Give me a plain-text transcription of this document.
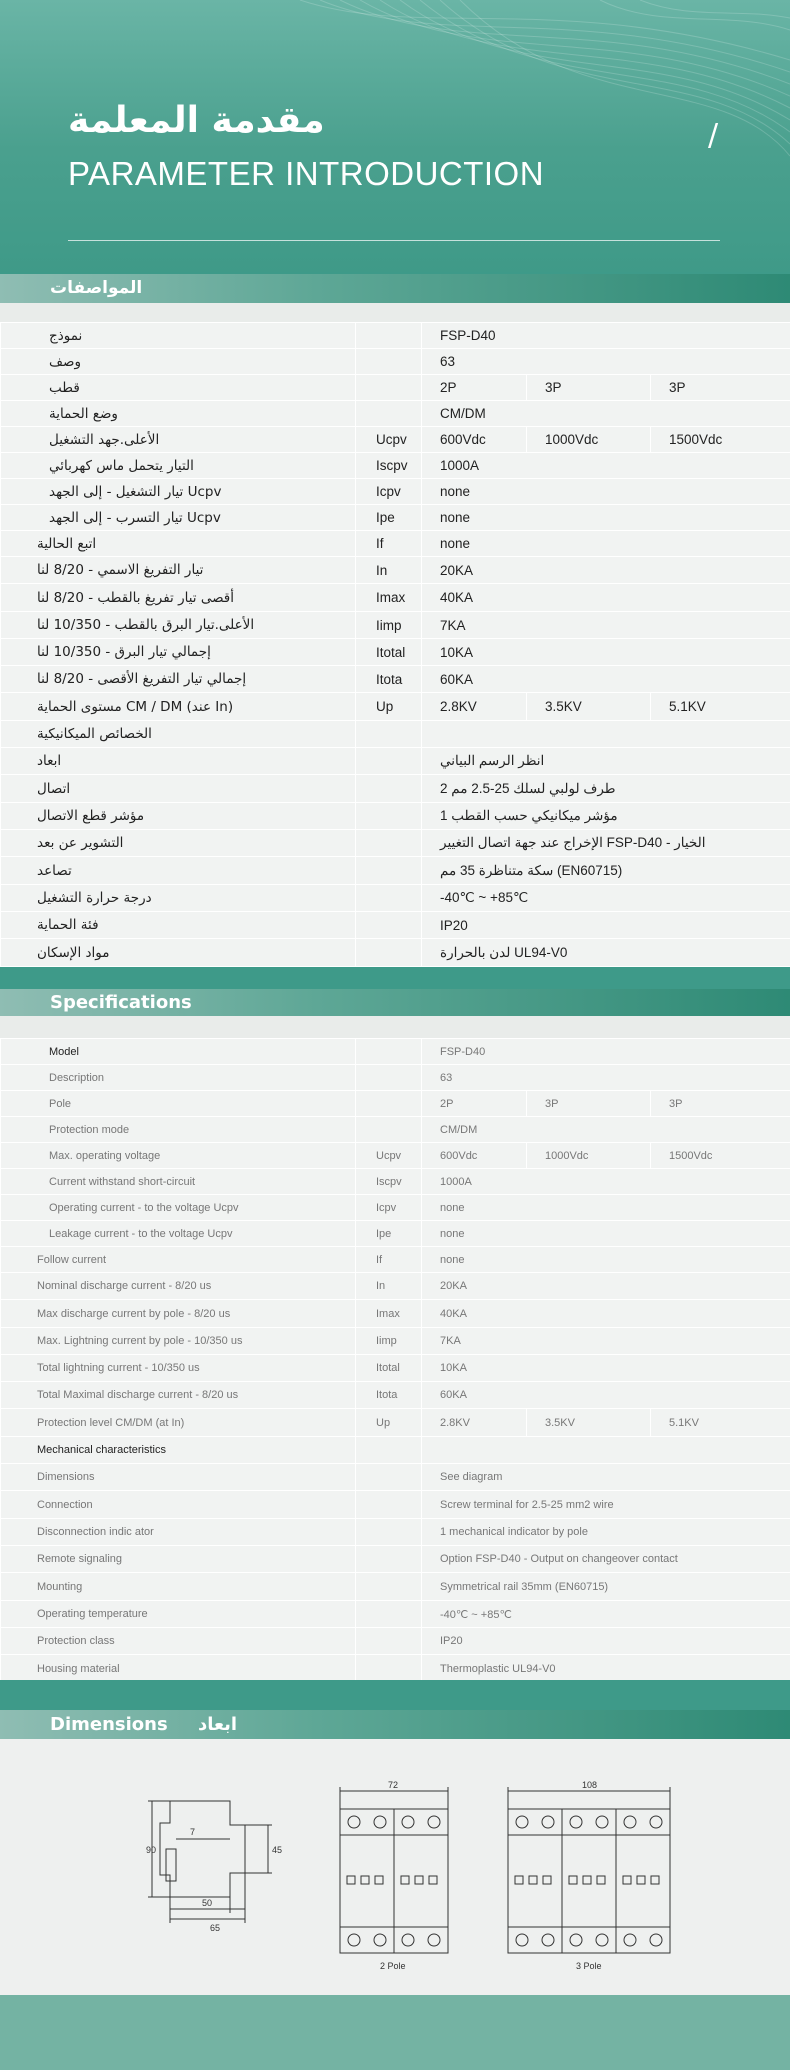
مقدمة المعلمة
PARAMETER INTRODUCTION
/
المواصفات
نموذج		FSP-D40		
وصف		63		
قطب		2P	3P	3P
وضع الحماية		CM/DM		
الأعلى.جهد التشغيل	Ucpv	600Vdc	1000Vdc	1500Vdc
التيار يتحمل ماس كهربائي	Iscpv	1000A		
تيار التشغيل - إلى الجهد Ucpv	Icpv	none		
تيار التسرب - إلى الجهد Ucpv	Ipe	none		
اتبع الحالية	If	none		
تيار التفريغ الاسمي - 8/20 لنا	In	20KA		
أقصى تيار تفريغ بالقطب - 8/20 لنا	Imax	40KA		
الأعلى.تيار البرق بالقطب - 10/350 لنا	Iimp	7KA		
إجمالي تيار البرق - 10/350 لنا	Itotal	10KA		
إجمالي تيار التفريغ الأقصى - 8/20 لنا	Itota	60KA		
مستوى الحماية CM / DM (عند In)	Up	2.8KV	3.5KV	5.1KV
الخصائص الميكانيكية				
ابعاد		انظر الرسم البياني		
اتصال		طرف لولبي لسلك 25-2.5 مم 2		
مؤشر قطع الاتصال		مؤشر ميكانيكي حسب القطب 1		
التشوير عن بعد		الإخراج عند جهة اتصال التغيير FSP-D40 - الخيار		
تصاعد		سكة متناظرة 35 مم (EN60715)		
درجة حرارة التشغيل		-40℃ ~ +85℃		
فئة الحماية		IP20		
مواد الإسكان		لدن بالحرارة UL94-V0		
Specifications
Model		FSP-D40		
Description		63		
Pole		2P	3P	3P
Protection mode		CM/DM		
Max. operating voltage	Ucpv	600Vdc	1000Vdc	1500Vdc
Current withstand short-circuit	Iscpv	1000A		
Operating current - to the voltage Ucpv	Icpv	none		
Leakage current - to the voltage Ucpv	Ipe	none		
Follow current	If	none		
Nominal discharge current - 8/20 us	In	20KA		
Max discharge current by pole - 8/20 us	Imax	40KA		
Max. Lightning current by pole - 10/350 us	Iimp	7KA		
Total lightning current - 10/350 us	Itotal	10KA		
Total Maximal discharge current - 8/20 us	Itota	60KA		
Protection level CM/DM (at In)	Up	2.8KV	3.5KV	5.1KV
Mechanical characteristics				
Dimensions		See diagram		
Connection		Screw terminal for 2.5-25 mm2 wire		
Disconnection indic ator		1 mechanical indicator by pole		
Remote signaling		Option FSP-D40 - Output on changeover contact		
Mounting		Symmetrical rail 35mm (EN60715)		
Operating temperature		-40℃ ~ +85℃		
Protection class		IP20		
Housing material		Thermoplastic UL94-V0		
Dimensions ابعاد
90	45
7
50
65
72
2 Pole
108
3 Pole
